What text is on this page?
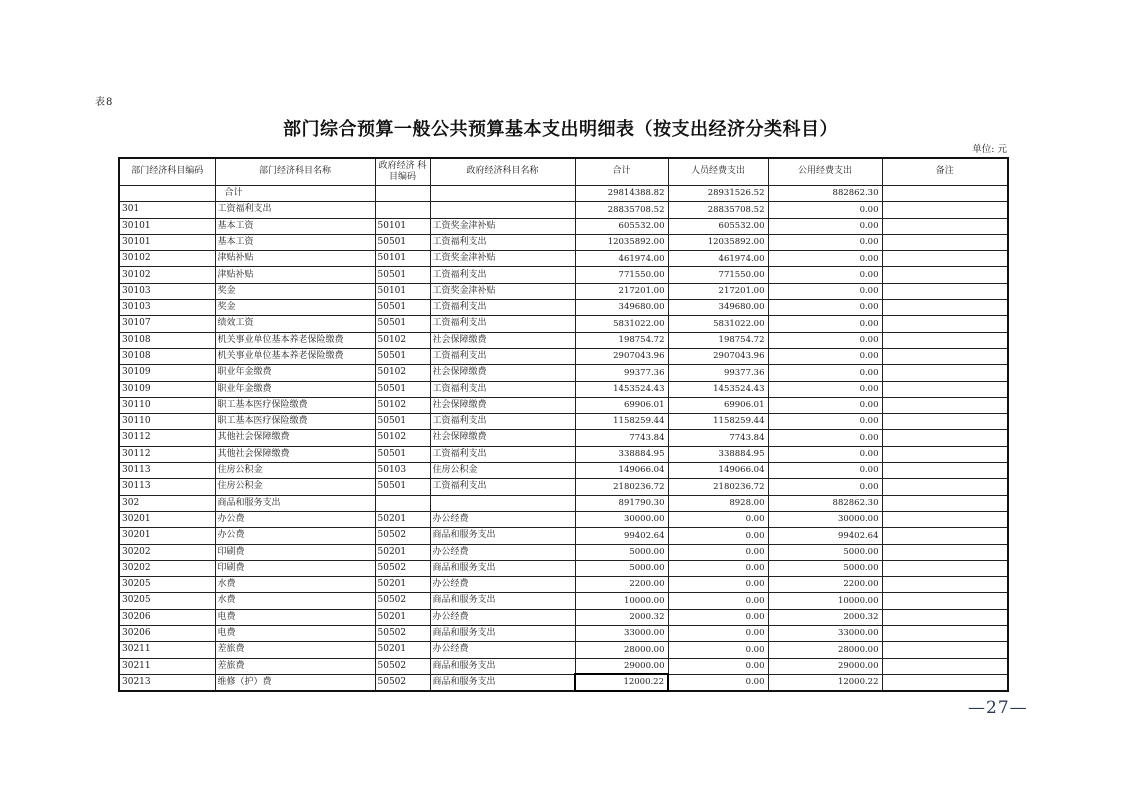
表8
部门综合预算一般公共预算基本支出明细表（按支出经济分类科目）
单位: 元
部门经济科目编码	部门经济科目名称	政府经济 科目编码	政府经济科目名称	合计	人员经费支出	公用经费支出	备注
	合计			29814388.82	28931526.52	882862.30	
301	工资福利支出			28835708.52	28835708.52	0.00	
30101	基本工资	50101	工资奖金津补贴	605532.00	605532.00	0.00	
30101	基本工资	50501	工资福利支出	12035892.00	12035892.00	0.00	
30102	津贴补贴	50101	工资奖金津补贴	461974.00	461974.00	0.00	
30102	津贴补贴	50501	工资福利支出	771550.00	771550.00	0.00	
30103	奖金	50101	工资奖金津补贴	217201.00	217201.00	0.00	
30103	奖金	50501	工资福利支出	349680.00	349680.00	0.00	
30107	绩效工资	50501	工资福利支出	5831022.00	5831022.00	0.00	
30108	机关事业单位基本养老保险缴费	50102	社会保障缴费	198754.72	198754.72	0.00	
30108	机关事业单位基本养老保险缴费	50501	工资福利支出	2907043.96	2907043.96	0.00	
30109	职业年金缴费	50102	社会保障缴费	99377.36	99377.36	0.00	
30109	职业年金缴费	50501	工资福利支出	1453524.43	1453524.43	0.00	
30110	职工基本医疗保险缴费	50102	社会保障缴费	69906.01	69906.01	0.00	
30110	职工基本医疗保险缴费	50501	工资福利支出	1158259.44	1158259.44	0.00	
30112	其他社会保障缴费	50102	社会保障缴费	7743.84	7743.84	0.00	
30112	其他社会保障缴费	50501	工资福利支出	338884.95	338884.95	0.00	
30113	住房公积金	50103	住房公积金	149066.04	149066.04	0.00	
30113	住房公积金	50501	工资福利支出	2180236.72	2180236.72	0.00	
302	商品和服务支出			891790.30	8928.00	882862.30	
30201	办公费	50201	办公经费	30000.00	0.00	30000.00	
30201	办公费	50502	商品和服务支出	99402.64	0.00	99402.64	
30202	印刷费	50201	办公经费	5000.00	0.00	5000.00	
30202	印刷费	50502	商品和服务支出	5000.00	0.00	5000.00	
30205	水费	50201	办公经费	2200.00	0.00	2200.00	
30205	水费	50502	商品和服务支出	10000.00	0.00	10000.00	
30206	电费	50201	办公经费	2000.32	0.00	2000.32	
30206	电费	50502	商品和服务支出	33000.00	0.00	33000.00	
30211	差旅费	50201	办公经费	28000.00	0.00	28000.00	
30211	差旅费	50502	商品和服务支出	29000.00	0.00	29000.00	
30213	维修（护）费	50502	商品和服务支出	12000.22	0.00	12000.22	
—27—
